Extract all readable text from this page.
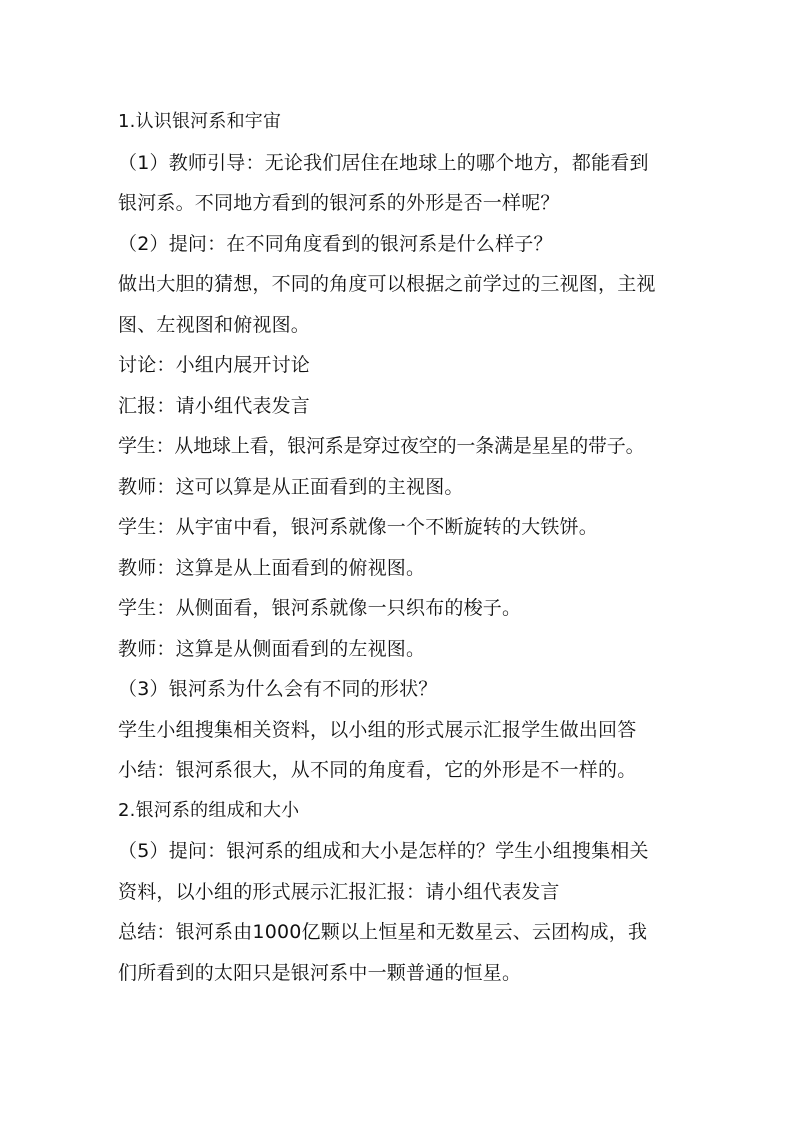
1.认识银河系和宇宙
（1）教师引导：无论我们居住在地球上的哪个地方，都能看到
银河系。不同地方看到的银河系的外形是否一样呢？
（2）提问：在不同角度看到的银河系是什么样子？
做出大胆的猜想，不同的角度可以根据之前学过的三视图，主视
图、左视图和俯视图。
讨论：小组内展开讨论
汇报：请小组代表发言
学生：从地球上看，银河系是穿过夜空的一条满是星星的带子。
教师：这可以算是从正面看到的主视图。
学生：从宇宙中看，银河系就像一个不断旋转的大铁饼。
教师：这算是从上面看到的俯视图。
学生：从侧面看，银河系就像一只织布的梭子。
教师：这算是从侧面看到的左视图。
（3）银河系为什么会有不同的形状？
学生小组搜集相关资料，以小组的形式展示汇报学生做出回答
小结：银河系很大，从不同的角度看，它的外形是不一样的。
2.银河系的组成和大小
（5）提问：银河系的组成和大小是怎样的？学生小组搜集相关
资料，以小组的形式展示汇报汇报：请小组代表发言
总结：银河系由1000亿颗以上恒星和无数星云、云团构成，我
们所看到的太阳只是银河系中一颗普通的恒星。
